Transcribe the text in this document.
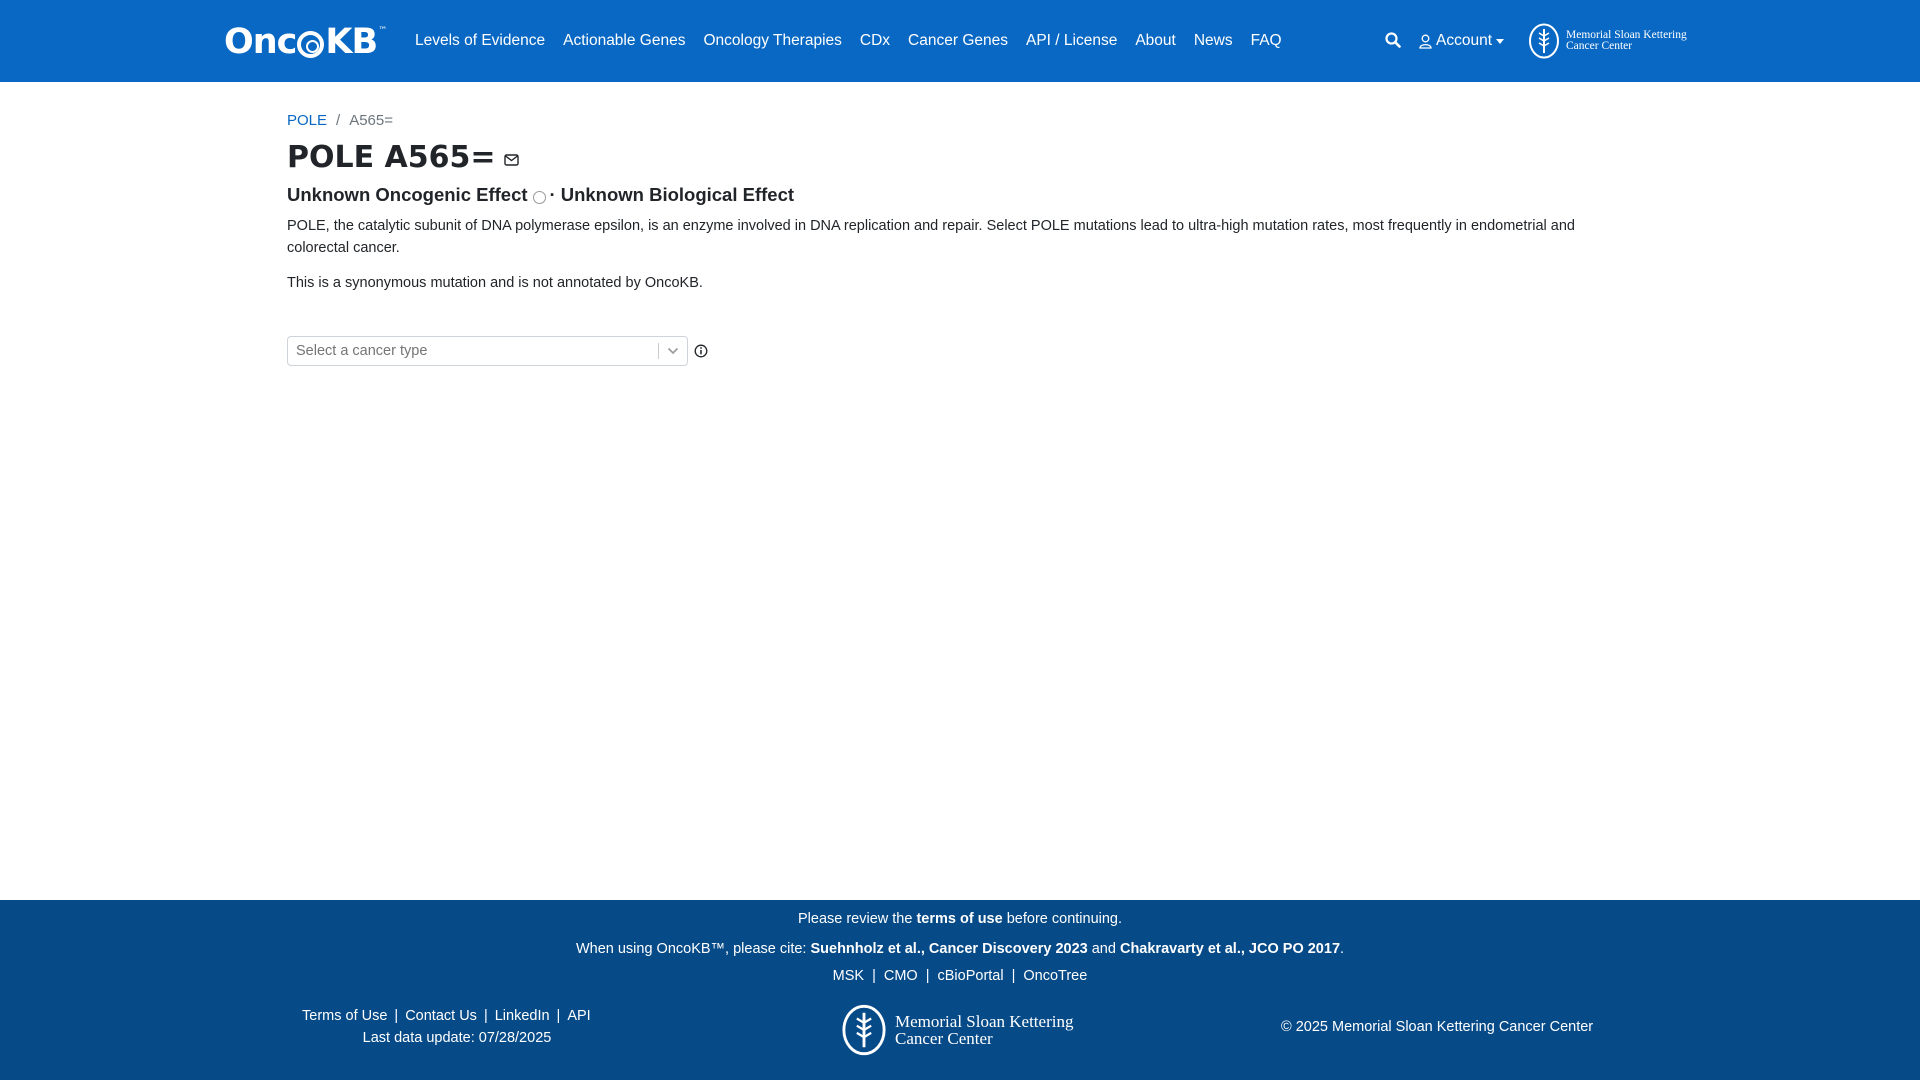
Onc KB ™
Levels of Evidence Actionable Genes Oncology Therapies CDx Cancer Genes API / License About News FAQ	Account	Memorial Sloan Kettering
Cancer Center
POLE / A565=
POLE A565=
Unknown Oncogenic Effect · Unknown Biological Effect

POLE, the catalytic subunit of DNA polymerase epsilon, is an enzyme involved in DNA replication and repair. Select POLE mutations lead to ultra-high mutation rates, most frequently in endometrial and colorectal cancer.

This is a synonymous mutation and is not annotated by OncoKB.

Select a cancer type
Please review the terms of use before continuing.
When using OncoKB™, please cite: Suehnholz et al., Cancer Discovery 2023 and Chakravarty et al., JCO PO 2017.
MSK | CMO | cBioPortal | OncoTree
Terms of Use | Contact Us | LinkedIn | API
Last data update: 07/28/2025
Memorial Sloan Kettering
Cancer Center
© 2025 Memorial Sloan Kettering Cancer Center
